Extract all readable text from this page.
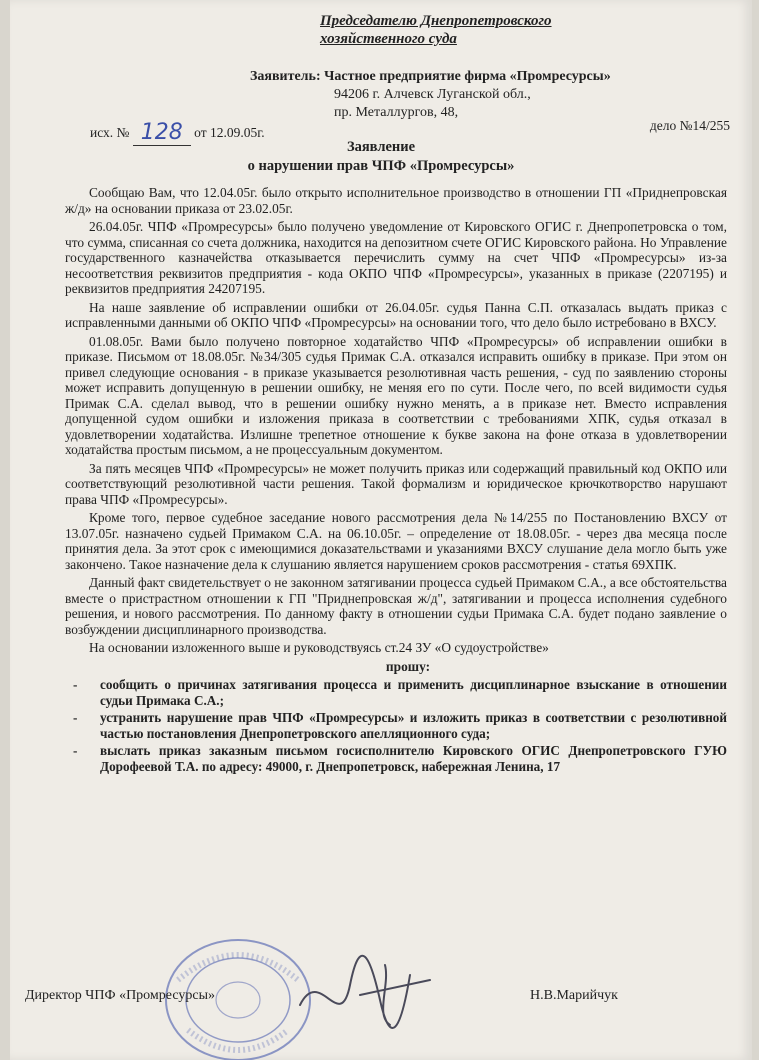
Председателю Днепропетровского
хозяйственного суда
Заявитель: Частное предприятие фирма «Промресурсы»
94206 г. Алчевск Луганской обл.,
пр. Металлургов, 48,
исх. № 128 от 12.09.05г.	дело №14/255
Заявление
о нарушении прав ЧПФ «Промресурсы»

Сообщаю Вам, что 12.04.05г. было открыто исполнительное производство в отношении ГП «Приднепровская ж/д» на основании приказа от 23.02.05г.

26.04.05г. ЧПФ «Промресурсы» было получено уведомление от Кировского ОГИС г. Днепропетровска о том, что сумма, списанная со счета должника, находится на депозитном счете ОГИС Кировского района. Но Управление государственного казначейства отказывается перечислить сумму на счет ЧПФ «Промресурсы» из-за несоответствия реквизитов предприятия - кода ОКПО ЧПФ «Промресурсы», указанных в приказе (2207195) и реквизитов предприятия 24207195.

На наше заявление об исправлении ошибки от 26.04.05г. судья Панна С.П. отказалась выдать приказ с исправленными данными об ОКПО ЧПФ «Промресурсы» на основании того, что дело было истребовано в ВХСУ.

01.08.05г. Вами было получено повторное ходатайство ЧПФ «Промресурсы» об исправлении ошибки в приказе. Письмом от 18.08.05г. №34/305 судья Примак С.А. отказался исправить ошибку в приказе. При этом он привел следующие основания - в приказе указывается резолютивная часть решения, - суд по заявлению стороны может исправить допущенную в решении ошибку, не меняя его по сути. После чего, по всей видимости судья Примак С.А. сделал вывод, что в решении ошибку нужно менять, а в приказе нет. Вместо исправления допущенной судом ошибки и изложения приказа в соответствии с требованиями ХПК, судья отказал в удовлетворении ходатайства. Излишне трепетное отношение к букве закона на фоне отказа в удовлетворении ходатайства простым письмом, а не процессуальным документом.

За пять месяцев ЧПФ «Промресурсы» не может получить приказ или содержащий правильный код ОКПО или соответствующий резолютивной части решения. Такой формализм и юридическое крючкотворство нарушают права ЧПФ «Промресурсы».

Кроме того, первое судебное заседание нового рассмотрения дела №14/255 по Постановлению ВХСУ от 13.07.05г. назначено судьей Примаком С.А. на 06.10.05г. – определение от 18.08.05г. - через два месяца после принятия дела. За этот срок с имеющимися доказательствами и указаниями ВХСУ слушание дела могло быть уже закончено. Такое назначение дела к слушанию является нарушением сроков рассмотрения - статья 69ХПК.

Данный факт свидетельствует о не законном затягивании процесса судьей Примаком С.А., а все обстоятельства вместе о пристрастном отношении к ГП "Приднепровская ж/д", затягивании и процесса исполнения судебного решения, и нового рассмотрения. По данному факту в отношении судьи Примака С.А. будет подано заявление о возбуждении дисциплинарного производства.

На основании изложенного выше и руководствуясь ст.24 ЗУ «О судоустройстве»

прошу:

- сообщить о причинах затягивания процесса и применить дисциплинарное взыскание в отношении судьи Примака С.А.;
- устранить нарушение прав ЧПФ «Промресурсы» и изложить приказ в соответствии с резолютивной частью постановления Днепропетровского апелляционного суда;
- выслать приказ заказным письмом госисполнителю Кировского ОГИС Днепропетровского ГУЮ Дорофеевой Т.А. по адресу: 49000, г. Днепропетровск, набережная Ленина, 17
Директор ЧПФ «Промресурсы»	Н.В.Марийчук
